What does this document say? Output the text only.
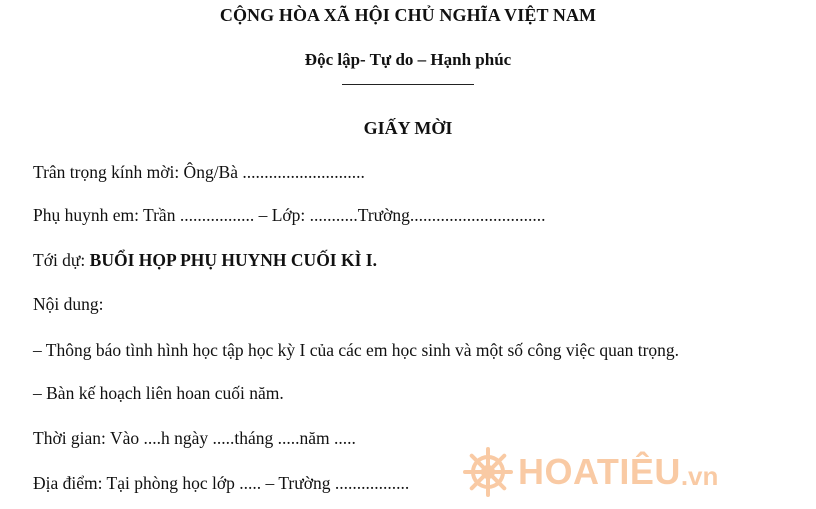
CỘNG HÒA XÃ HỘI CHỦ NGHĨA VIỆT NAM
Độc lập- Tự do – Hạnh phúc
GIẤY MỜI
Trân trọng kính mời: Ông/Bà ............................
Phụ huynh em: Trần ................. – Lớp: ...........Trường...............................
Tới dự: BUỔI HỌP PHỤ HUYNH CUỐI KÌ I.
Nội dung:
– Thông báo tình hình học tập học kỳ I của các em học sinh và một số công việc quan trọng.
– Bàn kế hoạch liên hoan cuối năm.
Thời gian: Vào ....h ngày .....tháng .....năm .....
Địa điểm: Tại phòng học lớp ..... – Trường .................	HOATIÊU .vn
